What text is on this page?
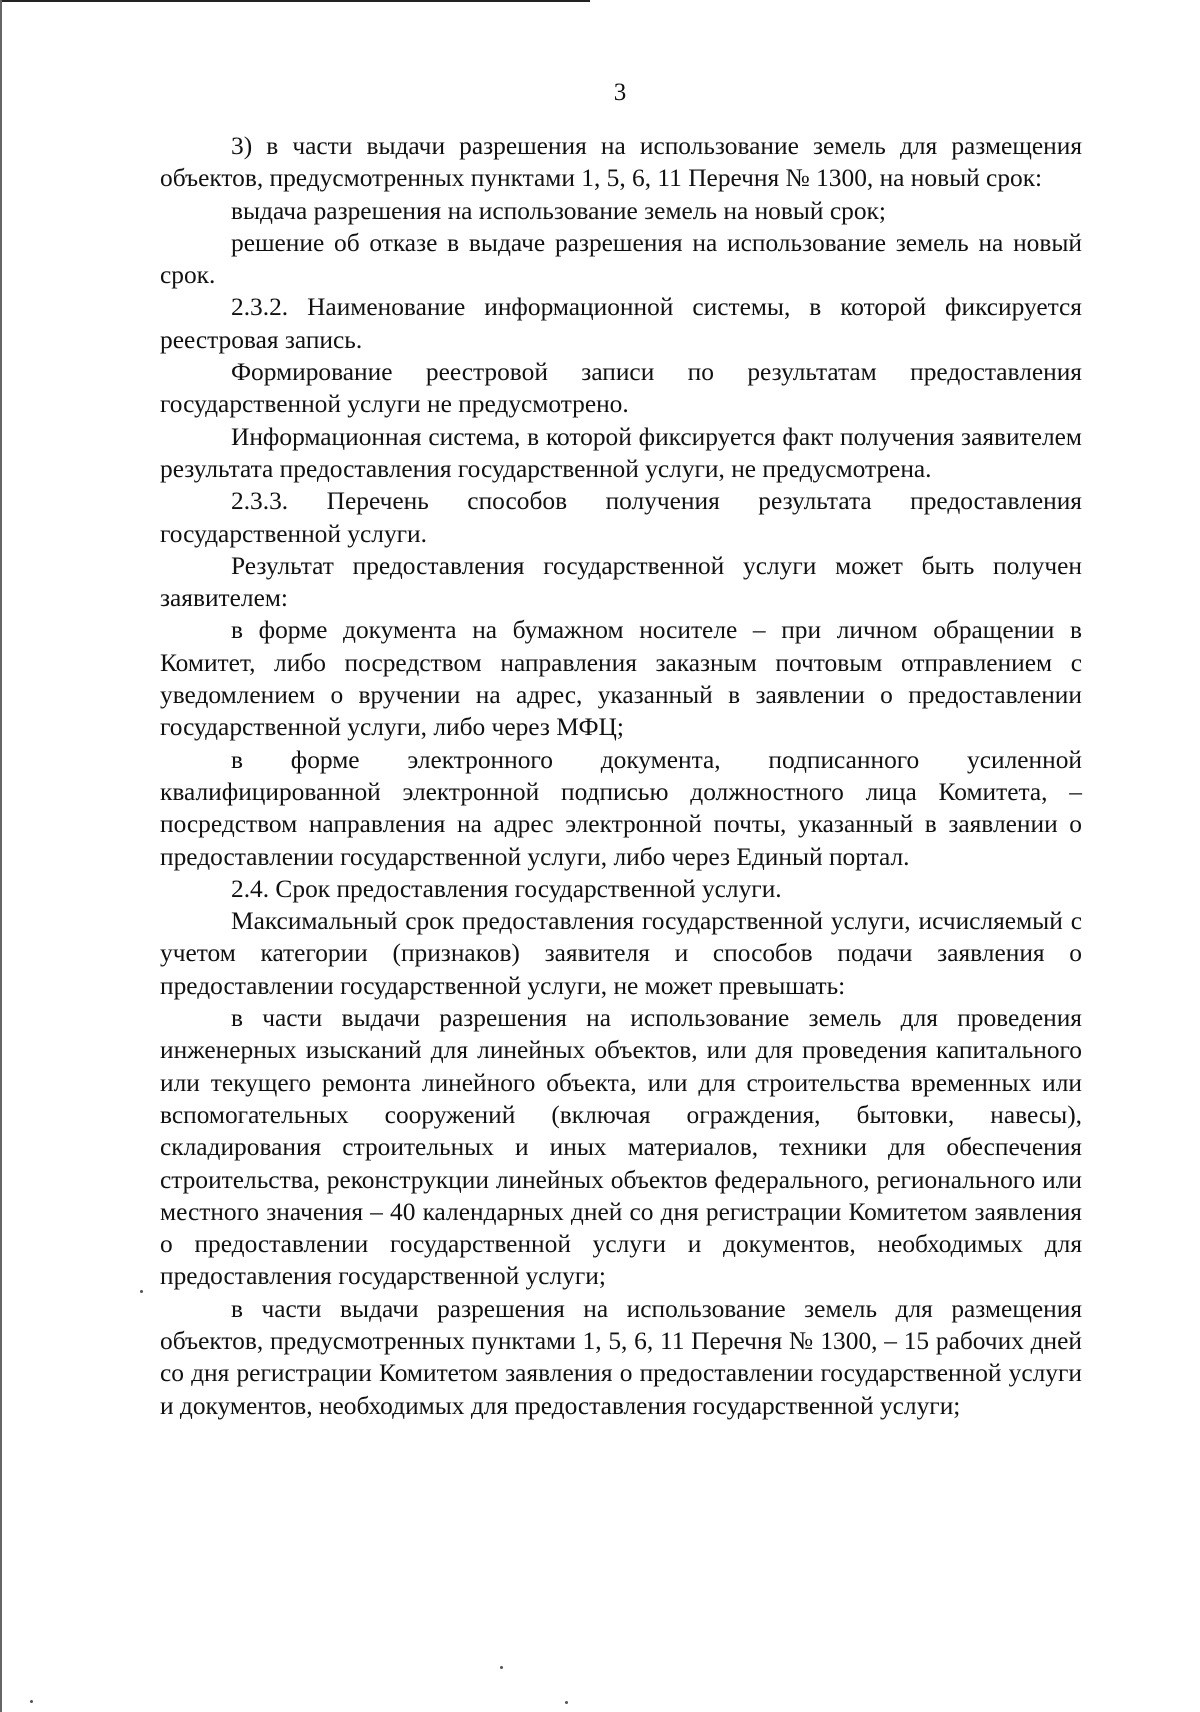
3

3) в части выдачи разрешения на использование земель для размещения объектов, предусмотренных пунктами 1, 5, 6, 11 Перечня № 1300, на новый срок:

выдача разрешения на использование земель на новый срок;

решение об отказе в выдаче разрешения на использование земель на новый срок.

2.3.2. Наименование информационной системы, в которой фиксируется реестровая запись.

Формирование реестровой записи по результатам предоставления государственной услуги не предусмотрено.

Информационная система, в которой фиксируется факт получения заявителем результата предоставления государственной услуги, не предусмотрена.

2.3.3. Перечень способов получения результата предоставления государственной услуги.

Результат предоставления государственной услуги может быть получен заявителем:

в форме документа на бумажном носителе – при личном обращении в Комитет, либо посредством направления заказным почтовым отправлением с уведомлением о вручении на адрес, указанный в заявлении о предоставлении государственной услуги, либо через МФЦ;

в форме электронного документа, подписанного усиленной квалифицированной электронной подписью должностного лица Комитета, – посредством направления на адрес электронной почты, указанный в заявлении о предоставлении государственной услуги, либо через Единый портал.

2.4. Срок предоставления государственной услуги.

Максимальный срок предоставления государственной услуги, исчисляемый с учетом категории (признаков) заявителя и способов подачи заявления о предоставлении государственной услуги, не может превышать:

в части выдачи разрешения на использование земель для проведения инженерных изысканий для линейных объектов, или для проведения капитального или текущего ремонта линейного объекта, или для строительства временных или вспомогательных сооружений (включая ограждения, бытовки, навесы), складирования строительных и иных материалов, техники для обеспечения строительства, реконструкции линейных объектов федерального, регионального или местного значения – 40 календарных дней со дня регистрации Комитетом заявления о предоставлении государственной услуги и документов, необходимых для предоставления государственной услуги;

в части выдачи разрешения на использование земель для размещения объектов, предусмотренных пунктами 1, 5, 6, 11 Перечня № 1300, – 15 рабочих дней со дня регистрации Комитетом заявления о предоставлении государственной услуги и документов, необходимых для предоставления государственной услуги;
